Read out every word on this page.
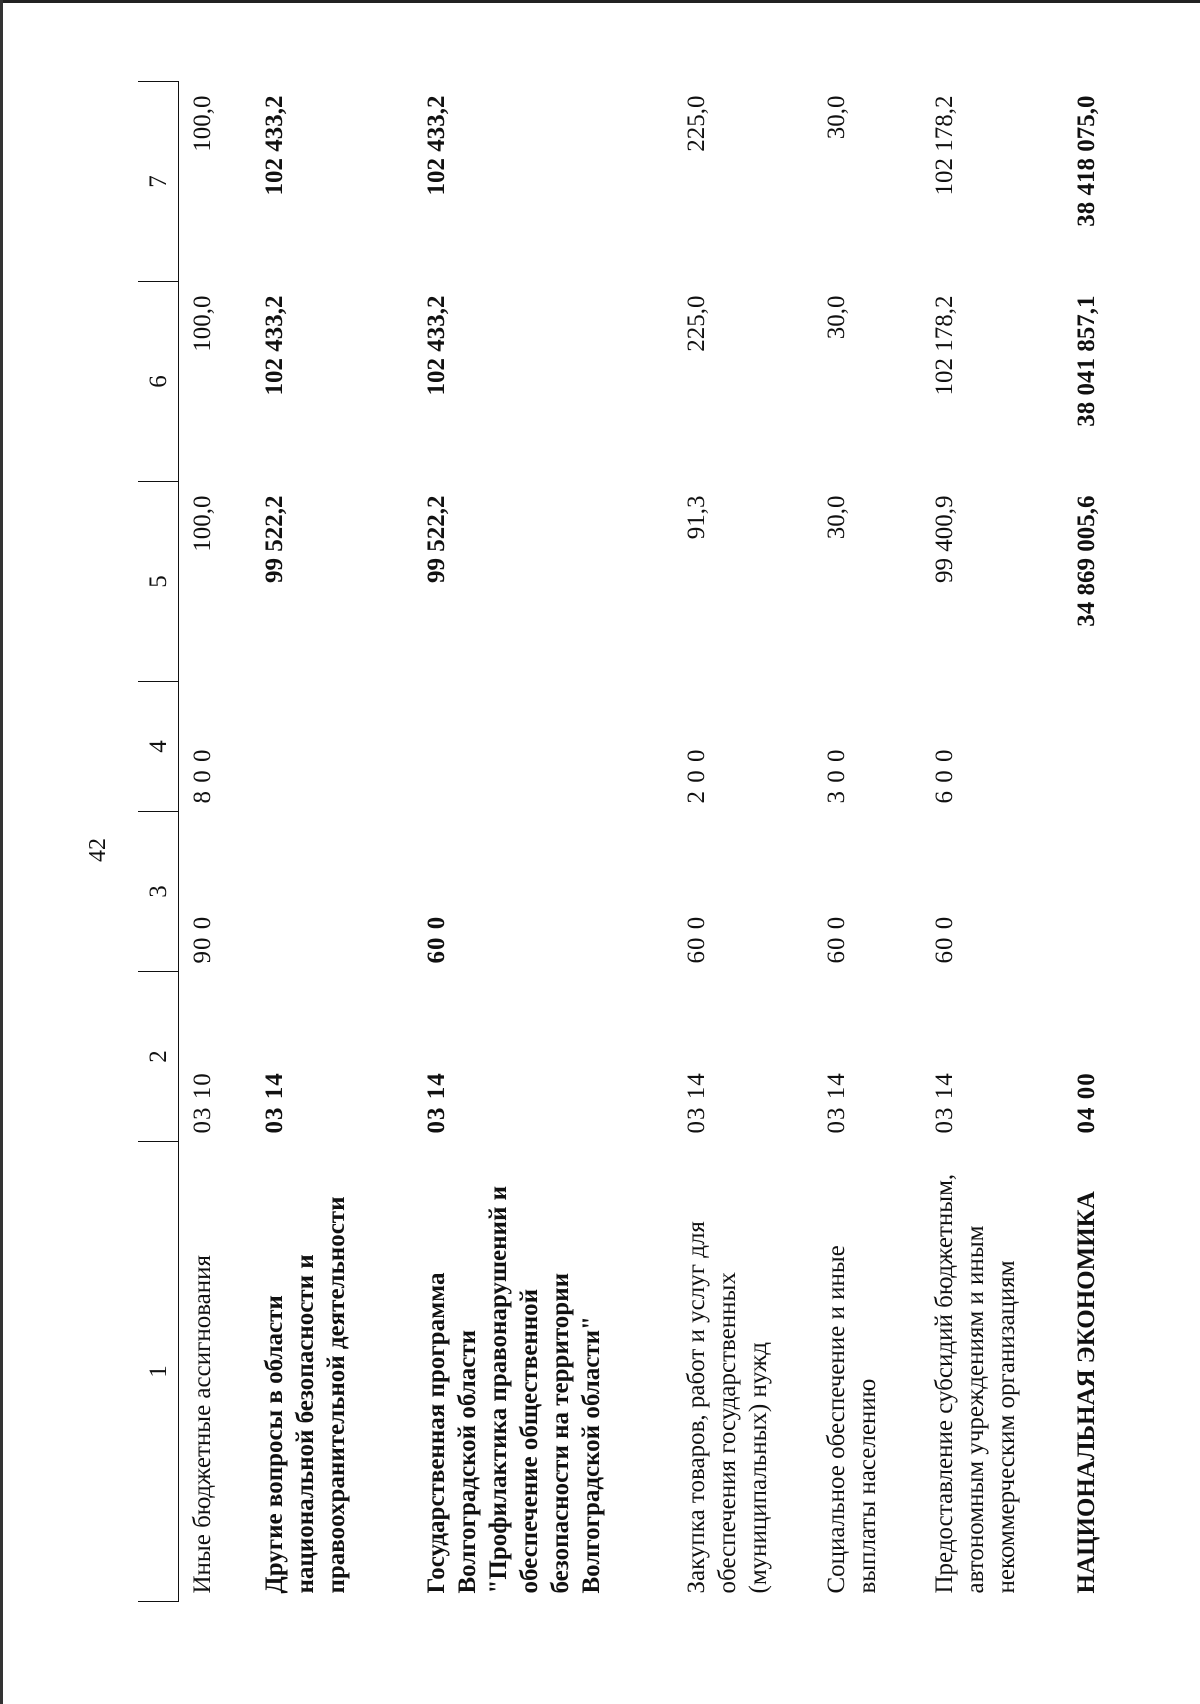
42
1	2	3	4	5	6	7
Иные бюджетные ассигнования	03 10	90 0	8 0 0	100,0	100,0	100,0
Другие вопросы в области национальной безопасности и правоохранительной деятельности	03 14			99 522,2	102 433,2	102 433,2
Государственная программа Волгоградской области "Профилактика правонарушений и обеспечение общественной безопасности на территории Волгоградской области"	03 14	60 0		99 522,2	102 433,2	102 433,2
Закупка товаров, работ и услуг для обеспечения государственных (муниципальных) нужд	03 14	60 0	2 0 0	91,3	225,0	225,0
Социальное обеспечение и иные выплаты населению	03 14	60 0	3 0 0	30,0	30,0	30,0
Предоставление субсидий бюджетным, автономным учреждениям и иным некоммерческим организациям	03 14	60 0	6 0 0	99 400,9	102 178,2	102 178,2
НАЦИОНАЛЬНАЯ ЭКОНОМИКА	04 00			34 869 005,6	38 041 857,1	38 418 075,0
